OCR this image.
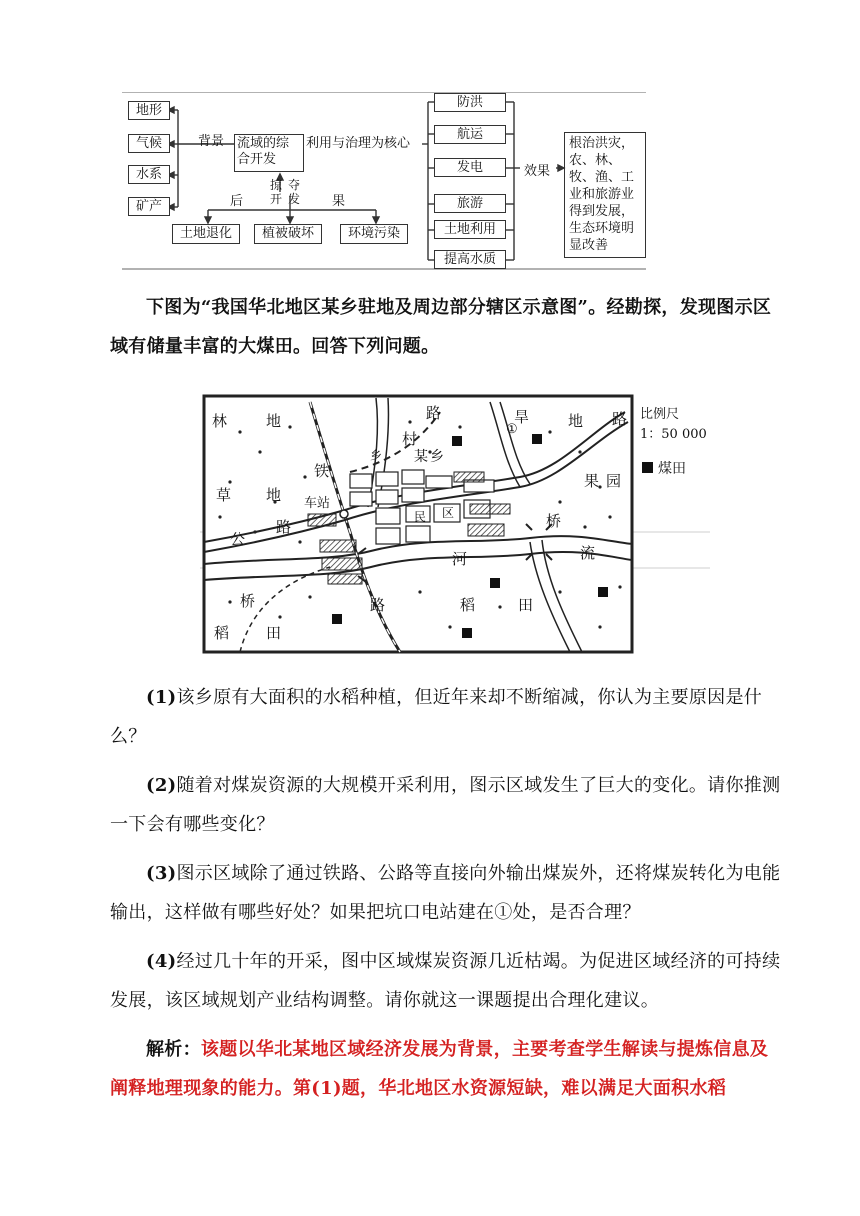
地形
气候
水系
矿产
背景 流域的综合开发
利用与治理为核心
掠 夺
开 发
后	果
土地退化	植被破坏	环境污染
防洪
航运
发电
旅游
土地利用
提高水质
效果
根治洪灾，农、林、牧、渔、工业和旅游业得到发展，生态环境明显改善
下图为“我国华北地区某乡驻地及周边部分辖区示意图”。经勘探，发现图示区域有储量丰富的大煤田。回答下列问题。
林	地	路
村
乡 某 乡
铁
车站
①
旱	地 路
果 园
草 地
路
公
桥
河	流
桥	路	稻	田
稻 田
民 区
比例尺
1：50 000
煤田
(1)该乡原有大面积的水稻种植，但近年来却不断缩减，你认为主要原因是什么？
(2)随着对煤炭资源的大规模开采利用，图示区域发生了巨大的变化。请你推测一下会有哪些变化？
(3)图示区域除了通过铁路、公路等直接向外输出煤炭外，还将煤炭转化为电能输出，这样做有哪些好处？如果把坑口电站建在①处，是否合理？
(4)经过几十年的开采，图中区域煤炭资源几近枯竭。为促进区域经济的可持续发展，该区域规划产业结构调整。请你就这一课题提出合理化建议。
解析：该题以华北某地区域经济发展为背景，主要考查学生解读与提炼信息及阐释地理现象的能力。第(1)题，华北地区水资源短缺，难以满足大面积水稻
